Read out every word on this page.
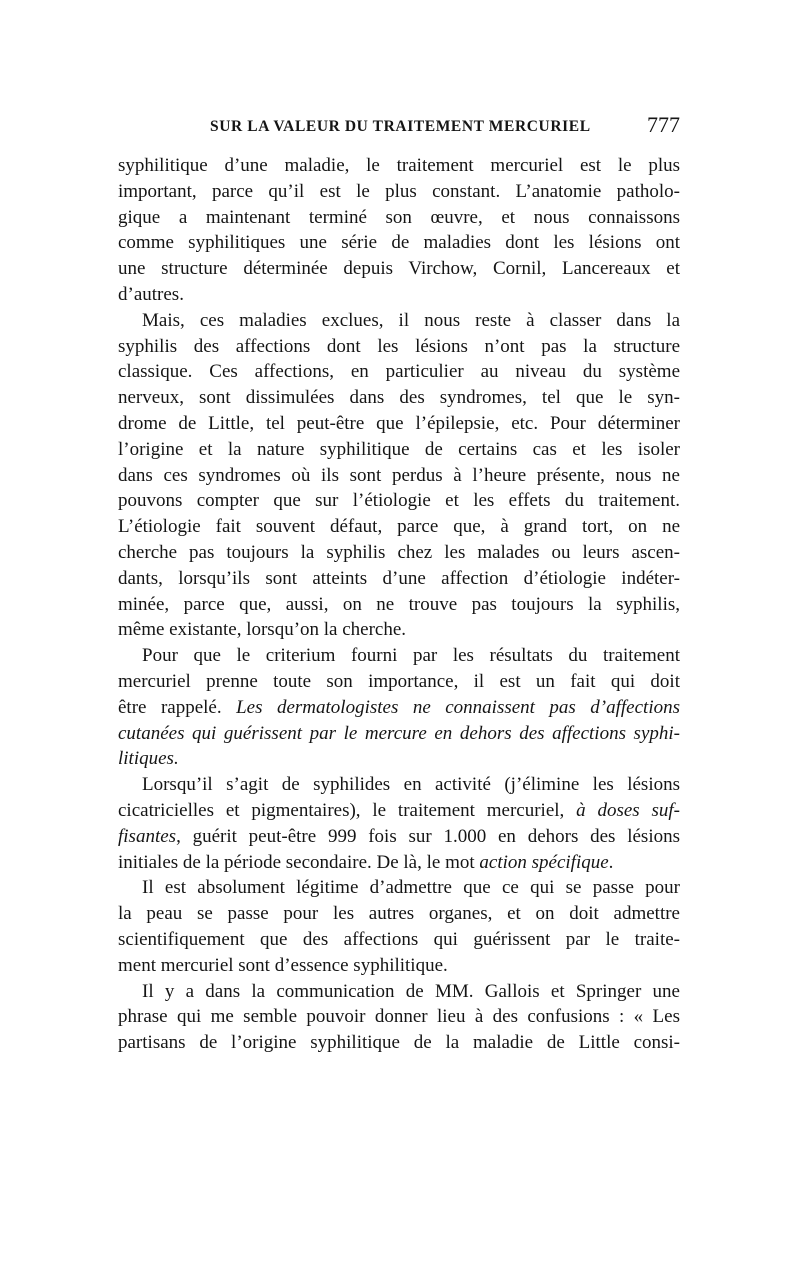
SUR LA VALEUR DU TRAITEMENT MERCURIEL	777
syphilitique d’une maladie, le traitement mercuriel est le plus
important, parce qu’il est le plus constant. L’anatomie patholo-
gique a maintenant terminé son œuvre, et nous connaissons
comme syphilitiques une série de maladies dont les lésions ont
une structure déterminée depuis Virchow, Cornil, Lancereaux et
d’autres.
Mais, ces maladies exclues, il nous reste à classer dans la
syphilis des affections dont les lésions n’ont pas la structure
classique. Ces affections, en particulier au niveau du système
nerveux, sont dissimulées dans des syndromes, tel que le syn-
drome de Little, tel peut-être que l’épilepsie, etc. Pour déterminer
l’origine et la nature syphilitique de certains cas et les isoler
dans ces syndromes où ils sont perdus à l’heure présente, nous ne
pouvons compter que sur l’étiologie et les effets du traitement.
L’étiologie fait souvent défaut, parce que, à grand tort, on ne
cherche pas toujours la syphilis chez les malades ou leurs ascen-
dants, lorsqu’ils sont atteints d’une affection d’étiologie indéter-
minée, parce que, aussi, on ne trouve pas toujours la syphilis,
même existante, lorsqu’on la cherche.
Pour que le criterium fourni par les résultats du traitement
mercuriel prenne toute son importance, il est un fait qui doit
être rappelé. Les dermatologistes ne connaissent pas d’affections
cutanées qui guérissent par le mercure en dehors des affections syphi-
litiques.
Lorsqu’il s’agit de syphilides en activité (j’élimine les lésions
cicatricielles et pigmentaires), le traitement mercuriel, à doses suf-
fisantes, guérit peut-être 999 fois sur 1.000 en dehors des lésions
initiales de la période secondaire. De là, le mot action spécifique.
Il est absolument légitime d’admettre que ce qui se passe pour
la peau se passe pour les autres organes, et on doit admettre
scientifiquement que des affections qui guérissent par le traite-
ment mercuriel sont d’essence syphilitique.
Il y a dans la communication de MM. Gallois et Springer une
phrase qui me semble pouvoir donner lieu à des confusions : « Les
partisans de l’origine syphilitique de la maladie de Little consi-
